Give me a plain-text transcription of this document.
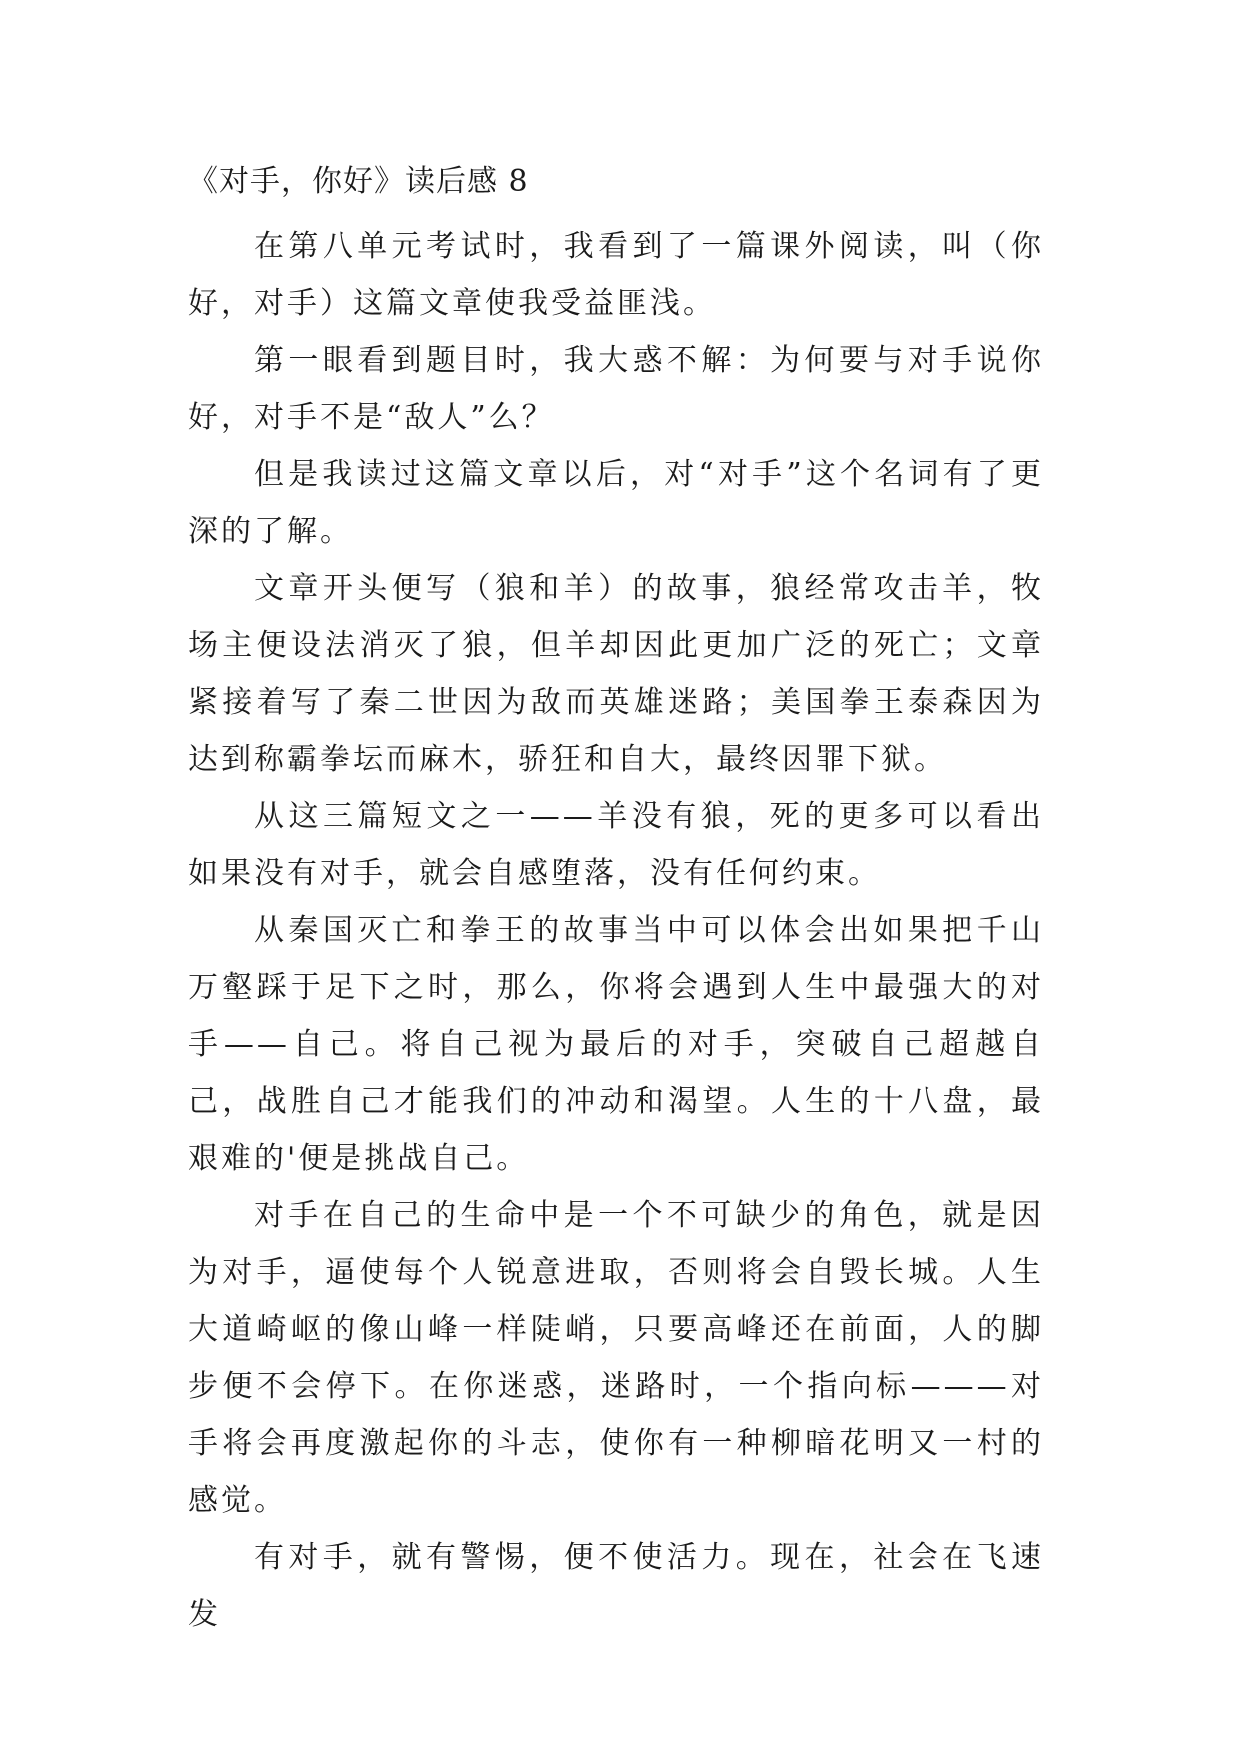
《对手，你好》读后感 8

在第八单元考试时，我看到了一篇课外阅读，叫（你好，对手）这篇文章使我受益匪浅。

第一眼看到题目时，我大惑不解：为何要与对手说你好，对手不是“敌人”么？

但是我读过这篇文章以后，对“对手”这个名词有了更深的了解。

文章开头便写（狼和羊）的故事，狼经常攻击羊，牧场主便设法消灭了狼，但羊却因此更加广泛的死亡；文章紧接着写了秦二世因为敌而英雄迷路；美国拳王泰森因为达到称霸拳坛而麻木，骄狂和自大，最终因罪下狱。

从这三篇短文之一——羊没有狼，死的更多可以看出如果没有对手，就会自感堕落，没有任何约束。

从秦国灭亡和拳王的故事当中可以体会出如果把千山万壑踩于足下之时，那么，你将会遇到人生中最强大的对手——自己。将自己视为最后的对手，突破自己超越自己，战胜自己才能我们的冲动和渴望。人生的十八盘，最艰难的'便是挑战自己。

对手在自己的生命中是一个不可缺少的角色，就是因为对手，逼使每个人锐意进取，否则将会自毁长城。人生大道崎岖的像山峰一样陡峭，只要高峰还在前面，人的脚步便不会停下。在你迷惑，迷路时，一个指向标———对手将会再度激起你的斗志，使你有一种柳暗花明又一村的感觉。

有对手，就有警惕，便不使活力。现在，社会在飞速发
